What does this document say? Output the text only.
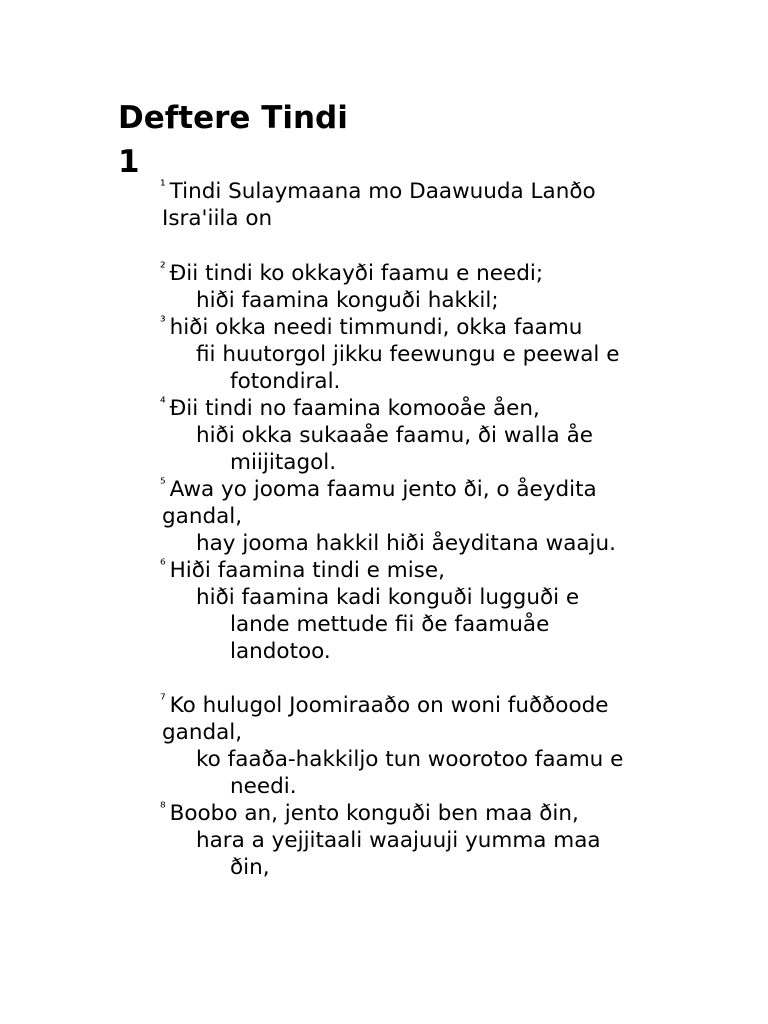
Deftere Tindi
1
$^{^1}$ Tindi Sulaymaana mo Daawuuda Lanðo
Isra'iila on
$^{^2}$ Ðii tindi ko okkayði faamu e needi;
hiði faamina konguði hakkil;
$^{^3}$ hiði okka needi timmundi, okka faamu
fii huutorgol jikku feewungu e peewal e
fotondiral.
$^{^4}$ Ðii tindi no faamina komooåe åen,
hiði okka sukaaåe faamu, ði walla åe
miijitagol.
$^{^5}$ Awa yo jooma faamu jento ði, o åeydita
gandal,
hay jooma hakkil hiði åeyditana waaju.
$^{^6}$ Hiði faamina tindi e mise,
hiði faamina kadi konguði lugguði e
lande mettude fii ðe faamuåe
landotoo.
$^{^7}$ Ko hulugol Joomiraaðo on woni fuððoode
gandal,
ko faaða-hakkiljo tun woorotoo faamu e
needi.
$^{^8}$ Boobo an, jento konguði ben maa ðin,
hara a yejjitaali waajuuji yumma maa
ðin,
